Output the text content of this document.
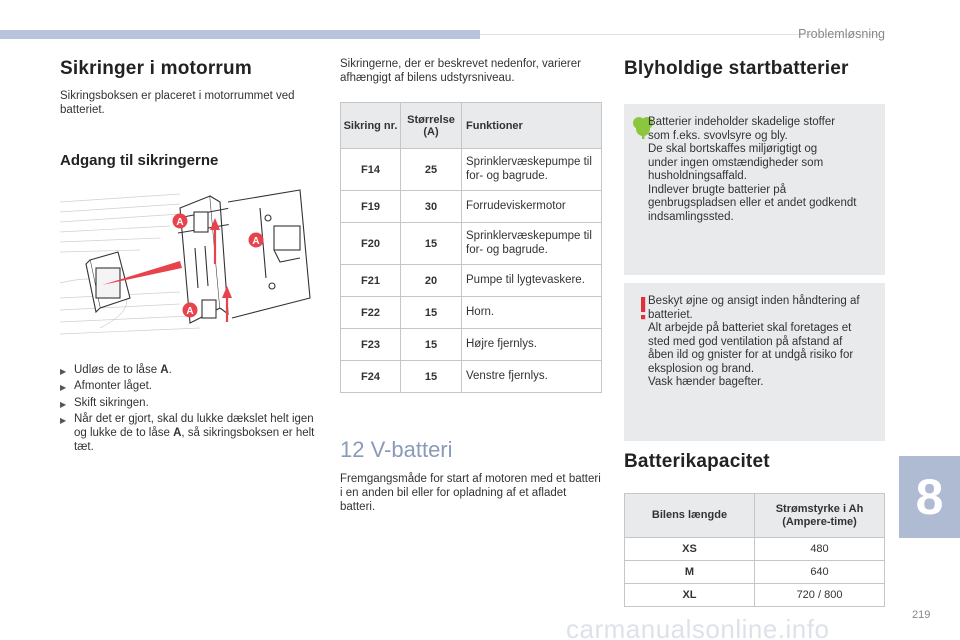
Problemløsning
Sikringer i motorrum
Sikringsboksen er placeret i motorrummet ved batteriet.
Adgang til sikringerne
A
A
A
▶ Udløs de to låse A.
▶ Afmonter låget.
▶ Skift sikringen.
▶ Når det er gjort, skal du lukke dækslet helt igen og lukke de to låse A, så sikringsboksen er helt tæt.
Sikringerne, der er beskrevet nedenfor, varierer afhængigt af bilens udstyrsniveau.
Sikring nr.	Størrelse (A)	Funktioner
F14	25	Sprinklervæskepumpe til for- og bagrude.
F19	30	Forrudeviskermotor
F20	15	Sprinklervæskepumpe til for- og bagrude.
F21	20	Pumpe til lygtevaskere.
F22	15	Horn.
F23	15	Højre fjernlys.
F24	15	Venstre fjernlys.
12 V-batteri
Fremgangsmåde for start af motoren med et batteri i en anden bil eller for opladning af et afladet batteri.
Blyholdige startbatterier
Batterier indeholder skadelige stoffer
som f.eks. svovlsyre og bly.
De skal bortskaffes miljørigtigt og
under ingen omstændigheder som
husholdningsaffald.
Indlever brugte batterier på
genbrugspladsen eller et andet godkendt
indsamlingssted.
Beskyt øjne og ansigt inden håndtering af
batteriet.
Alt arbejde på batteriet skal foretages et
sted med god ventilation på afstand af
åben ild og gnister for at undgå risiko for
eksplosion og brand.
Vask hænder bagefter.
Batterikapacitet
Bilens længde	Strømstyrke i Ah (Ampere-time)
XS	480
M	640
XL	720 / 800
8
carmanualsonline.info	219
